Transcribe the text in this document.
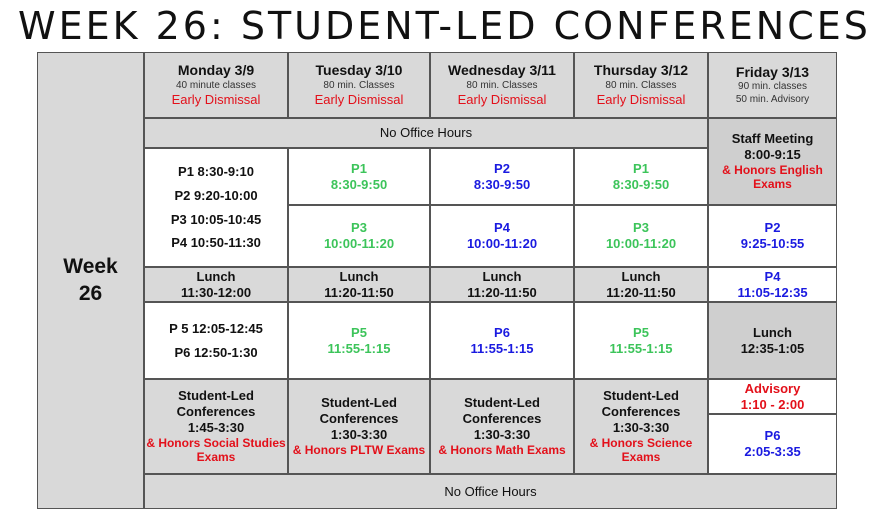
WEEK 26: STUDENT-LED CONFERENCES
Week
26
Monday 3/9
40 minute classes
Early Dismissal
Tuesday 3/10
80 min. Classes
Early Dismissal
Wednesday 3/11
80 min. Classes
Early Dismissal
Thursday 3/12
80 min. Classes
Early Dismissal
Friday 3/13
90 min. classes
50 min. Advisory
No Office Hours	Staff Meeting
8:00-9:15
& Honors English
Exams
P1 8:30-9:10
P2 9:20-10:00
P3 10:05-10:45
P4 10:50-11:30
P1
8:30-9:50
P2
8:30-9:50
P1
8:30-9:50
P3
10:00-11:20
P4
10:00-11:20
P3
10:00-11:20
P2
9:25-10:55
Lunch
11:30-12:00
Lunch
11:20-11:50
Lunch
11:20-11:50
Lunch
11:20-11:50
P4
11:05-12:35
P 5 12:05-12:45
P6 12:50-1:30
P5
11:55-1:15
P6
11:55-1:15
P5
11:55-1:15
Lunch
12:35-1:05
Student-Led
Conferences
1:45-3:30
& Honors Social Studies
Exams
Student-Led
Conferences
1:30-3:30
& Honors PLTW Exams
Student-Led
Conferences
1:30-3:30
& Honors Math Exams
Student-Led
Conferences
1:30-3:30
& Honors Science
Exams
Advisory
1:10 - 2:00
P6
2:05-3:35
No Office Hours
